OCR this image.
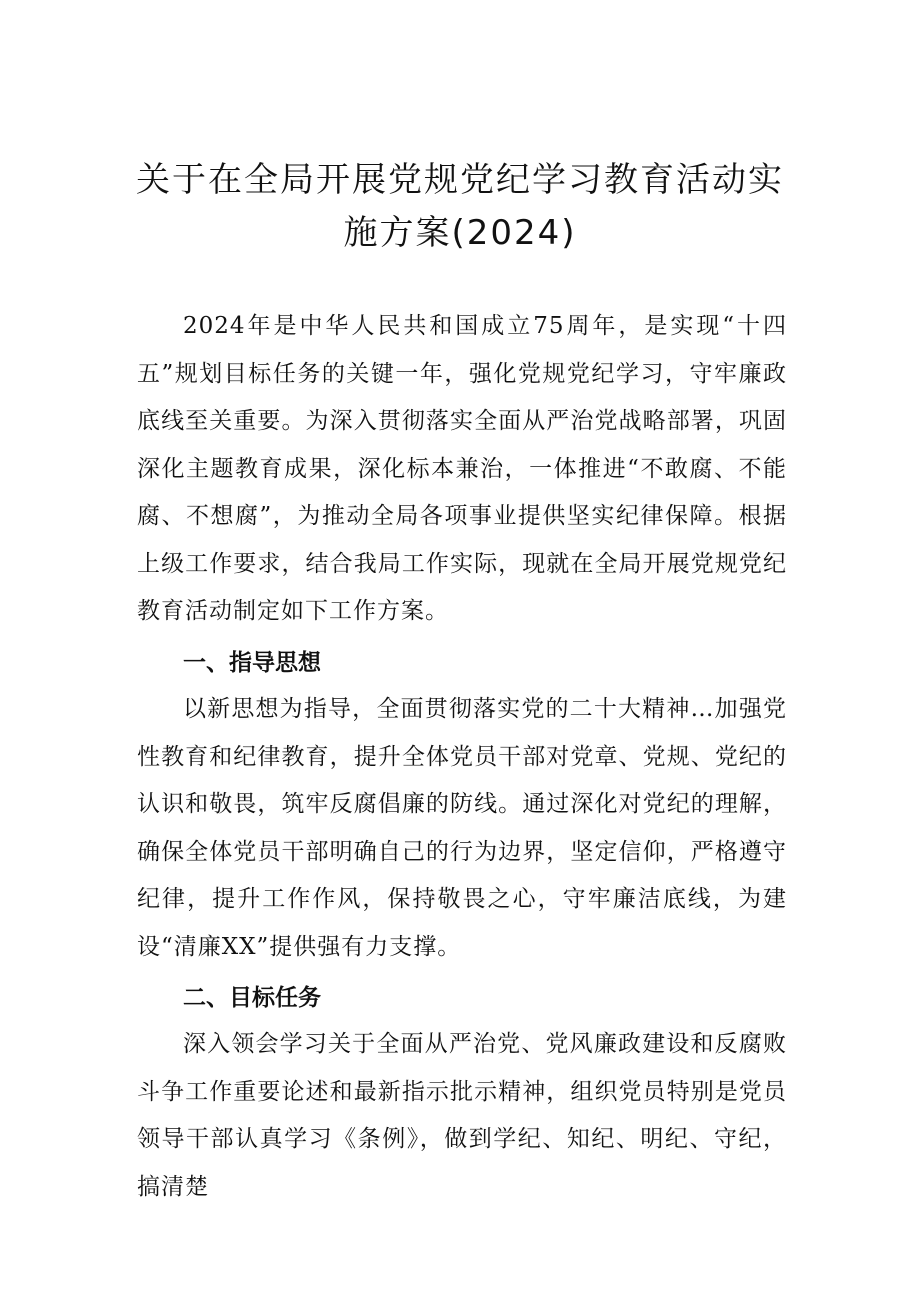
关于在全局开展党规党纪学习教育活动实
施方案(2024)

2024年是中华人民共和国成立75周年，是实现“十四五”规划目标任务的关键一年，强化党规党纪学习，守牢廉政底线至关重要。为深入贯彻落实全面从严治党战略部署，巩固深化主题教育成果，深化标本兼治，一体推进“不敢腐、不能腐、不想腐”，为推动全局各项事业提供坚实纪律保障。根据上级工作要求，结合我局工作实际，现就在全局开展党规党纪教育活动制定如下工作方案。

一、指导思想

以新思想为指导，全面贯彻落实党的二十大精神…加强党性教育和纪律教育，提升全体党员干部对党章、党规、党纪的认识和敬畏，筑牢反腐倡廉的防线。通过深化对党纪的理解，确保全体党员干部明确自己的行为边界，坚定信仰，严格遵守纪律，提升工作作风，保持敬畏之心，守牢廉洁底线，为建设“清廉XX”提供强有力支撑。

二、目标任务

深入领会学习关于全面从严治党、党风廉政建设和反腐败斗争工作重要论述和最新指示批示精神，组织党员特别是党员领导干部认真学习《条例》，做到学纪、知纪、明纪、守纪，搞清楚
